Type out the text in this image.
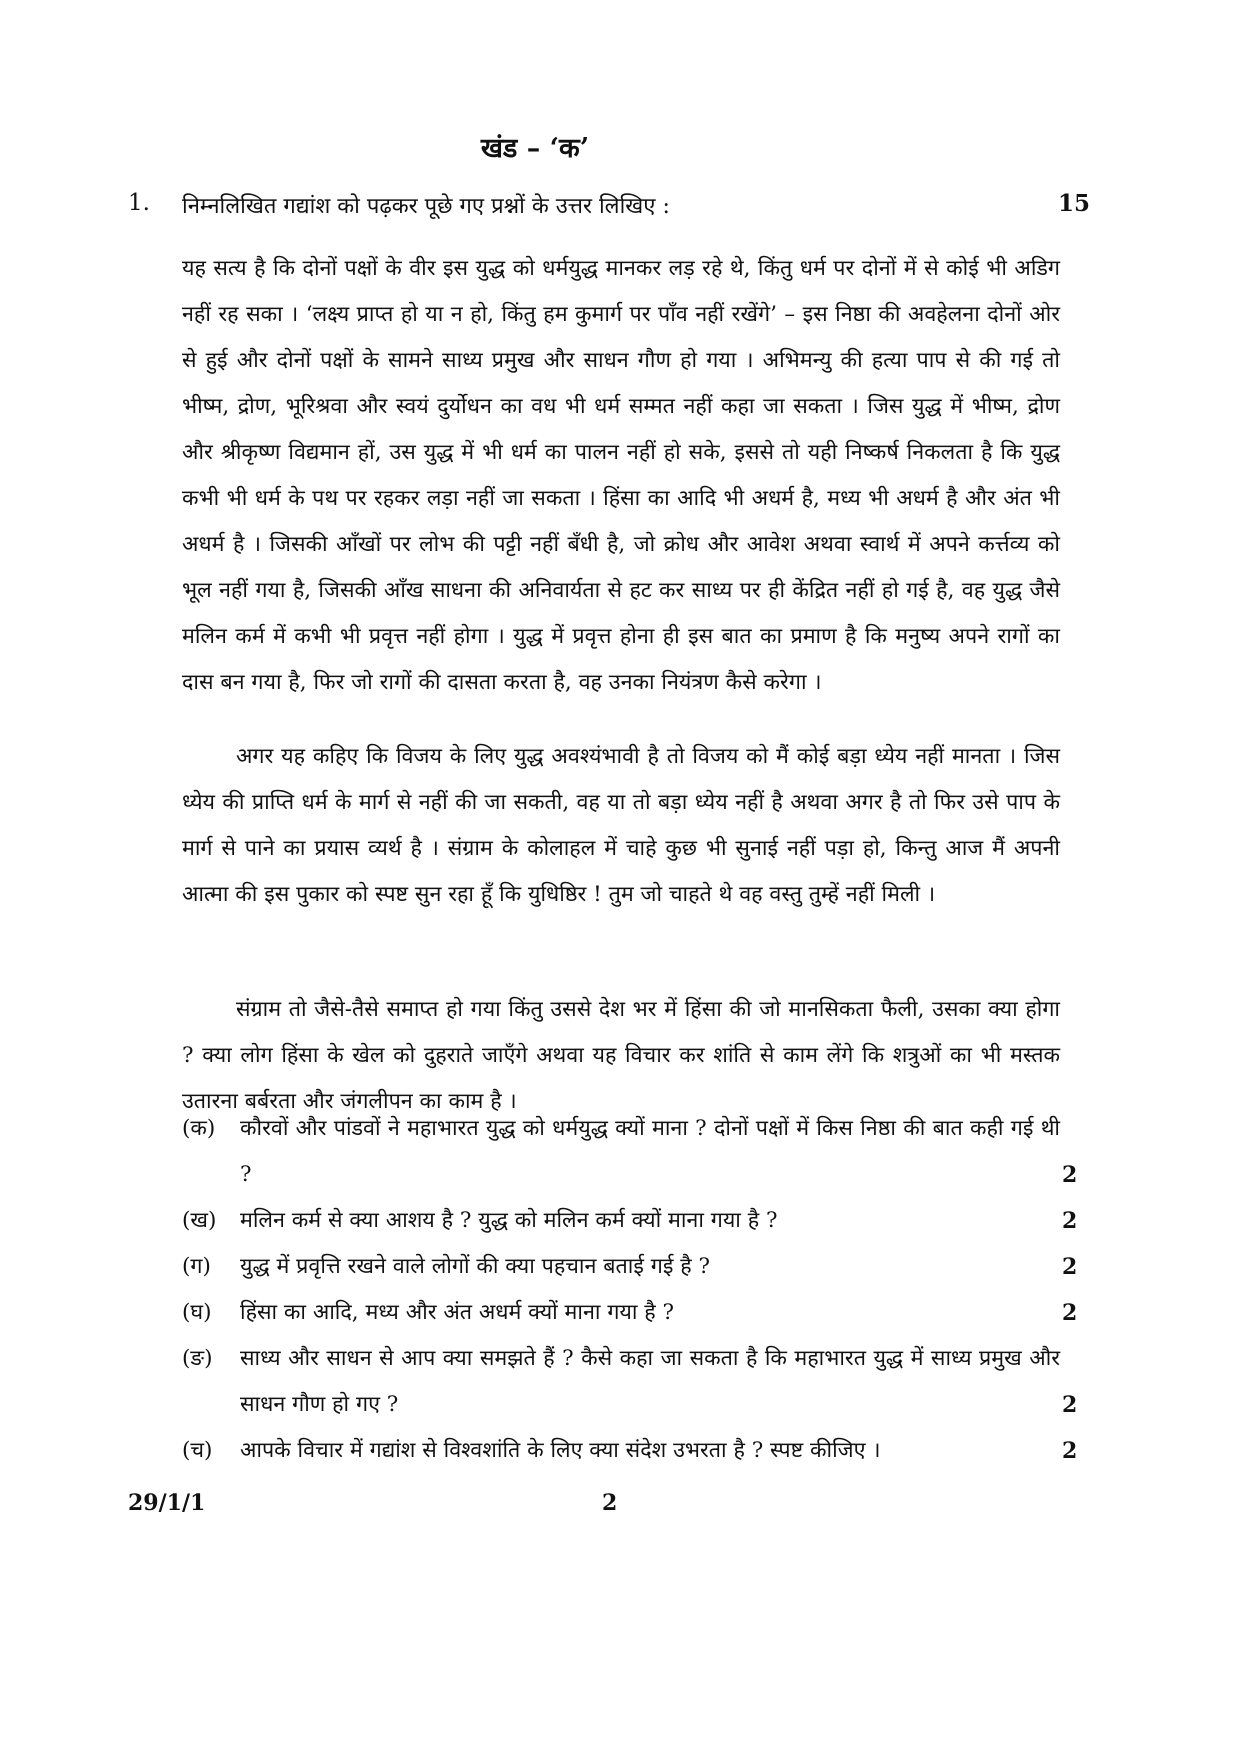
खंड – ‘क’
1. निम्नलिखित गद्यांश को पढ़कर पूछे गए प्रश्नों के उत्तर लिखिए :	15

यह सत्य है कि दोनों पक्षों के वीर इस युद्ध को धर्मयुद्ध मानकर लड़ रहे थे, किंतु धर्म पर दोनों में से कोई भी अडिग नहीं रह सका । ‘लक्ष्य प्राप्त हो या न हो, किंतु हम कुमार्ग पर पाँव नहीं रखेंगे’ – इस निष्ठा की अवहेलना दोनों ओर से हुई और दोनों पक्षों के सामने साध्य प्रमुख और साधन गौण हो गया । अभिमन्यु की हत्या पाप से की गई तो भीष्म, द्रोण, भूरिश्रवा और स्वयं दुर्योधन का वध भी धर्म सम्मत नहीं कहा जा सकता । जिस युद्ध में भीष्म, द्रोण और श्रीकृष्ण विद्यमान हों, उस युद्ध में भी धर्म का पालन नहीं हो सके, इससे तो यही निष्कर्ष निकलता है कि युद्ध कभी भी धर्म के पथ पर रहकर लड़ा नहीं जा सकता । हिंसा का आदि भी अधर्म है, मध्य भी अधर्म है और अंत भी अधर्म है । जिसकी आँखों पर लोभ की पट्टी नहीं बँधी है, जो क्रोध और आवेश अथवा स्वार्थ में अपने कर्त्तव्य को भूल नहीं गया है, जिसकी आँख साधना की अनिवार्यता से हट कर साध्य पर ही केंद्रित नहीं हो गई है, वह युद्ध जैसे मलिन कर्म में कभी भी प्रवृत्त नहीं होगा । युद्ध में प्रवृत्त होना ही इस बात का प्रमाण है कि मनुष्य अपने रागों का दास बन गया है, फिर जो रागों की दासता करता है, वह उनका नियंत्रण कैसे करेगा ।

अगर यह कहिए कि विजय के लिए युद्ध अवश्यंभावी है तो विजय को मैं कोई बड़ा ध्येय नहीं मानता । जिस ध्येय की प्राप्ति धर्म के मार्ग से नहीं की जा सकती, वह या तो बड़ा ध्येय नहीं है अथवा अगर है तो फिर उसे पाप के मार्ग से पाने का प्रयास व्यर्थ है । संग्राम के कोलाहल में चाहे कुछ भी सुनाई नहीं पड़ा हो, किन्तु आज मैं अपनी आत्मा की इस पुकार को स्पष्ट सुन रहा हूँ कि युधिष्ठिर ! तुम जो चाहते थे वह वस्तु तुम्हें नहीं मिली ।

संग्राम तो जैसे-तैसे समाप्त हो गया किंतु उससे देश भर में हिंसा की जो मानसिकता फैली, उसका क्या होगा ? क्या लोग हिंसा के खेल को दुहराते जाएँगे अथवा यह विचार कर शांति से काम लेंगे कि शत्रुओं का भी मस्तक उतारना बर्बरता और जंगलीपन का काम है ।

(क) कौरवों और पांडवों ने महाभारत युद्ध को धर्मयुद्ध क्यों माना ? दोनों पक्षों में किस निष्ठा की बात कही गई थी ?	2
(ख) मलिन कर्म से क्या आशय है ? युद्ध को मलिन कर्म क्यों माना गया है ?	2
(ग) युद्ध में प्रवृत्ति रखने वाले लोगों की क्या पहचान बताई गई है ?	2
(घ) हिंसा का आदि, मध्य और अंत अधर्म क्यों माना गया है ?	2
(ङ) साध्य और साधन से आप क्या समझते हैं ? कैसे कहा जा सकता है कि महाभारत युद्ध में साध्य प्रमुख और साधन गौण हो गए ?	2
(च) आपके विचार में गद्यांश से विश्वशांति के लिए क्या संदेश उभरता है ? स्पष्ट कीजिए ।	2
29/1/1	2
